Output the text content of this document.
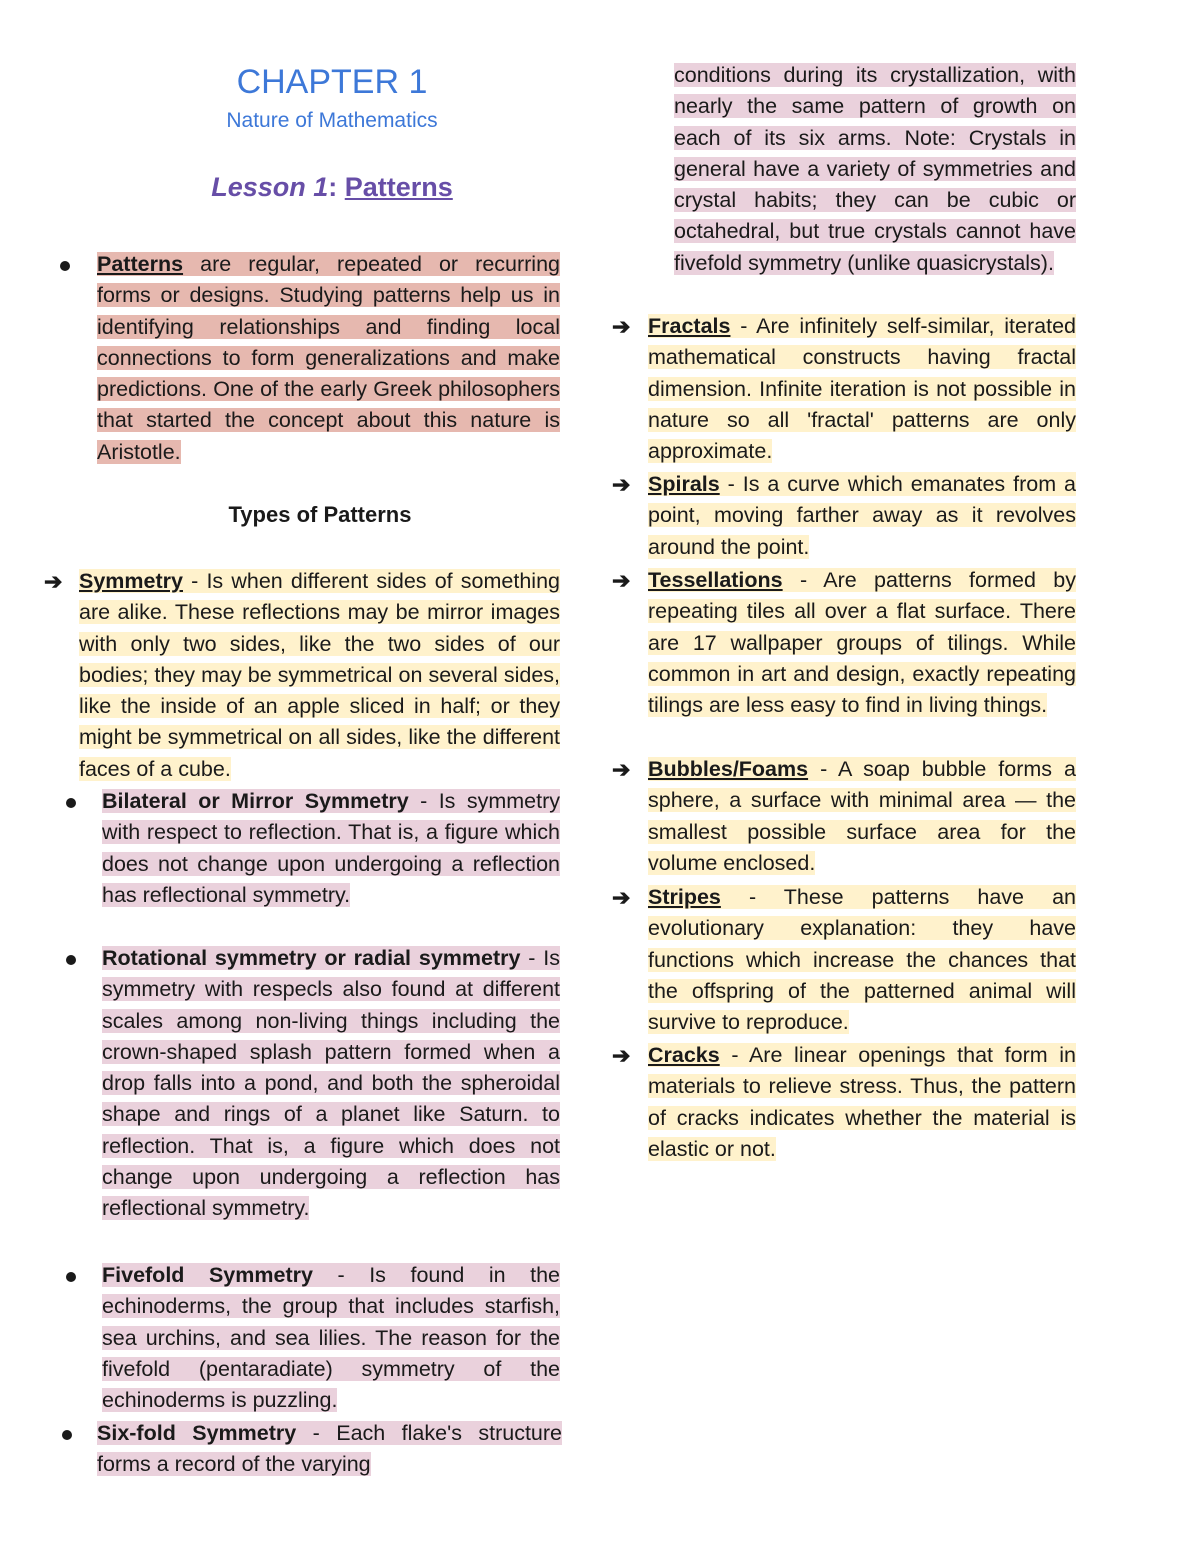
CHAPTER 1
Nature of Mathematics
Lesson 1: Patterns
Patterns are regular, repeated or recurring forms or designs. Studying patterns help us in identifying relationships and finding local connections to form generalizations and make predictions. One of the early Greek philosophers that started the concept about this nature is Aristotle.
Types of Patterns
➔ Symmetry - Is when different sides of something are alike. These reflections may be mirror images with only two sides, like the two sides of our bodies; they may be symmetrical on several sides, like the inside of an apple sliced in half; or they might be symmetrical on all sides, like the different faces of a cube.
Bilateral or Mirror Symmetry - Is symmetry with respect to reflection. That is, a figure which does not change upon undergoing a reflection has reflectional symmetry.
Rotational symmetry or radial symmetry - Is symmetry with respecls also found at different scales among non-living things including the crown-shaped splash pattern formed when a drop falls into a pond, and both the spheroidal shape and rings of a planet like Saturn. to reflection. That is, a figure which does not change upon undergoing a reflection has reflectional symmetry.
Fivefold Symmetry - Is found in the echinoderms, the group that includes starfish, sea urchins, and sea lilies. The reason for the fivefold (pentaradiate) symmetry of the echinoderms is puzzling.
Six-fold Symmetry - Each flake's structure forms a record of the varying
conditions during its crystallization, with nearly the same pattern of growth on each of its six arms. Note: Crystals in general have a variety of symmetries and crystal habits; they can be cubic or octahedral, but true crystals cannot have fivefold symmetry (unlike quasicrystals).
➔ Fractals - Are infinitely self-similar, iterated mathematical constructs having fractal dimension. Infinite iteration is not possible in nature so all 'fractal' patterns are only approximate.
➔ Spirals - Is a curve which emanates from a point, moving farther away as it revolves around the point.
➔ Tessellations - Are patterns formed by repeating tiles all over a flat surface. There are 17 wallpaper groups of tilings. While common in art and design, exactly repeating tilings are less easy to find in living things.
➔ Bubbles/Foams - A soap bubble forms a sphere, a surface with minimal area — the smallest possible surface area for the volume enclosed.
➔ Stripes - These patterns have an evolutionary explanation: they have functions which increase the chances that the offspring of the patterned animal will survive to reproduce.
➔ Cracks - Are linear openings that form in materials to relieve stress. Thus, the pattern of cracks indicates whether the material is elastic or not.
